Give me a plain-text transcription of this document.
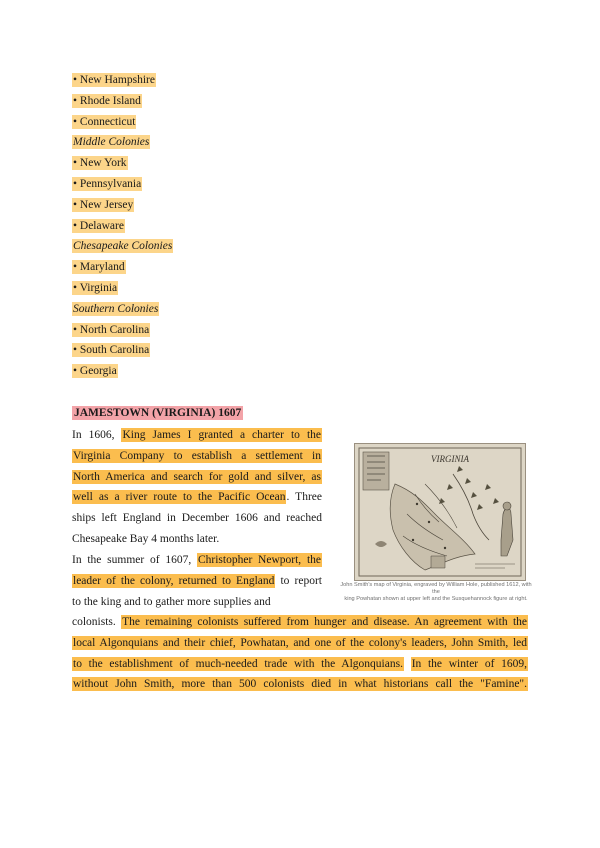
• New Hampshire
• Rhode Island
• Connecticut
Middle Colonies
• New York
• Pennsylvania
• New Jersey
• Delaware
Chesapeake Colonies
• Maryland
• Virginia
Southern Colonies
• North Carolina
• South Carolina
• Georgia
JAMESTOWN (VIRGINIA) 1607
In 1606, King James I granted a charter to the
Virginia Company to establish a settlement in
North America and search for gold and silver, as
well as a river route to the Pacific Ocean. Three
ships left England in December 1606 and reached
Chesapeake Bay 4 months later.
In the summer of 1607, Christopher Newport, the
leader of the colony, returned to England to report
to the king and to gather more supplies and
colonists. The remaining colonists suffered from hunger and disease. An agreement with the
local Algonquians and their chief, Powhatan, and one of the colony's leaders, John Smith, led
to the establishment of much-needed trade with the Algonquians. In the winter of 1609,
without John Smith, more than 500 colonists died in what historians call the "Famine".
VIRGINIA
John Smith's map of Virginia, engraved by William Hole, published 1612, with the
king Powhatan shown at upper left and the Susquehannock figure at right.
